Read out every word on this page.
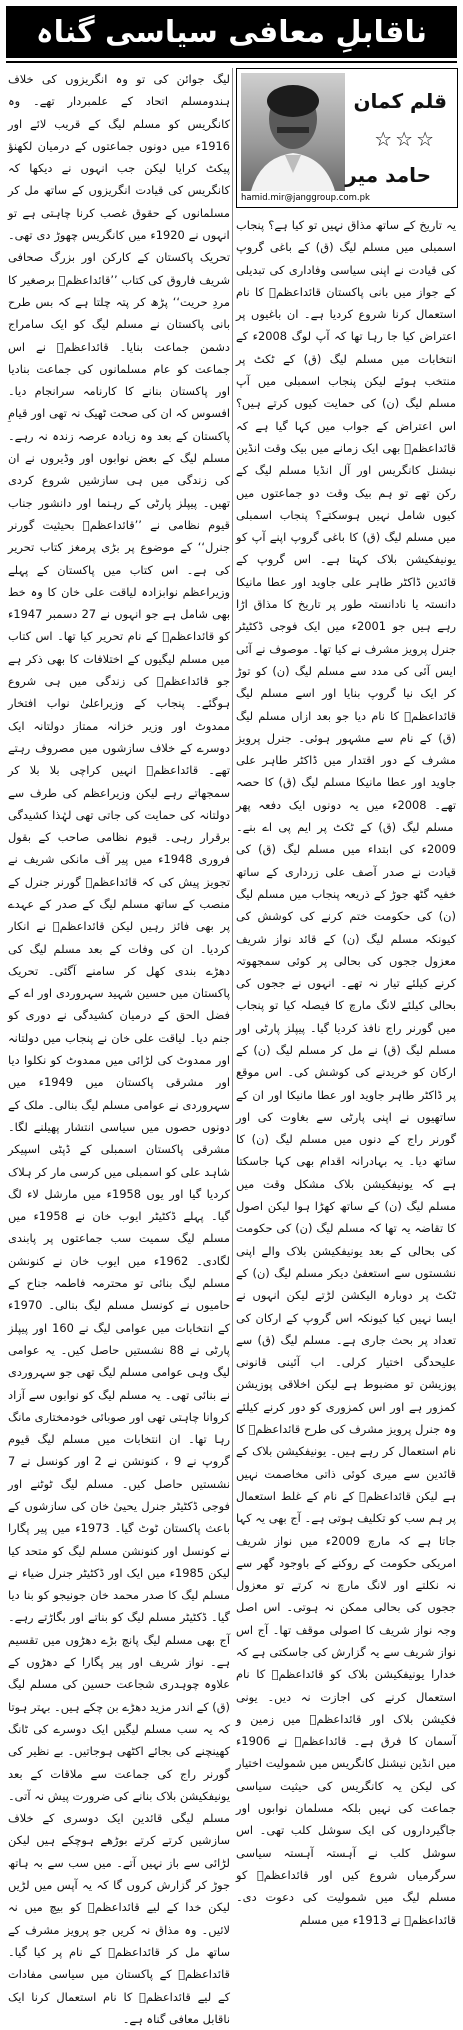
ناقابلِ معافی سیاسی گناہ
hamid.mir@janggroup.com.pk
قلم کمان
☆☆☆
حامد میر
لیگ جوائن کی تو وہ انگریزوں کی خلاف ہندومسلم اتحاد کے علمبردار تھے۔ وہ کانگریس کو مسلم لیگ کے قریب لائے اور 1916ء میں دونوں جماعتوں کے درمیان لکھنؤ پیکٹ کرایا لیکن جب انہوں نے دیکھا کہ کانگریس کی قیادت انگریزوں کے ساتھ مل کر مسلمانوں کے حقوق غصب کرنا چاہتی ہے تو انہوں نے 1920ء میں کانگریس چھوڑ دی تھی۔ تحریک پاکستان کے کارکن اور بزرگ صحافی شریف فاروق کی کتاب ’’قائداعظمؒ برصغیر کا مردِ حریت‘‘ پڑھ کر پتہ چلتا ہے کہ بس طرح بانی پاکستان نے مسلم لیگ کو ایک سامراج دشمن جماعت بنایا۔ قائداعظمؒ نے اس جماعت کو عام مسلمانوں کی جماعت بنادیا اور پاکستان بنانے کا کارنامہ سرانجام دیا۔ افسوس کہ ان کی صحت ٹھیک نہ تھی اور قیامِ پاکستان کے بعد وہ زیادہ عرصہ زندہ نہ رہے۔ مسلم لیگ کے بعض نوابوں اور وڈیروں نے ان کی زندگی میں ہی سازشیں شروع کردی تھیں۔ پیپلز پارٹی کے رہنما اور دانشور جناب قیوم نظامی نے ’’قائداعظمؒ بحیثیت گورنر جنرل‘‘ کے موضوع پر بڑی پرمغز کتاب تحریر کی ہے۔ اس کتاب میں پاکستان کے پہلے وزیراعظم نوابزادہ لیاقت علی خان کا وہ خط بھی شامل ہے جو انہوں نے 27 دسمبر 1947ء کو قائداعظمؒ کے نام تحریر کیا تھا۔ اس کتاب میں مسلم لیگیوں کے اختلافات کا بھی ذکر ہے جو قائداعظمؒ کی زندگی میں ہی شروع ہوگئے۔ پنجاب کے وزیراعلیٰ نواب افتخار ممدوٹ اور وزیر خزانہ ممتاز دولتانہ ایک دوسرے کے خلاف سازشوں میں مصروف رہتے تھے۔ قائداعظمؒ انہیں کراچی بلا بلا کر سمجھاتے رہے لیکن وزیراعظم کی طرف سے دولتانہ کی حمایت کی جاتی تھی لہٰذا کشیدگی برقرار رہی۔ قیوم نظامی صاحب کے بقول فروری 1948ء میں پیر آف مانکی شریف نے تجویز پیش کی کہ قائداعظمؒ گورنر جنرل کے منصب کے ساتھ مسلم لیگ کے صدر کے عہدے پر بھی فائز رہیں لیکن قائداعظمؒ نے انکار کردیا۔ ان کی وفات کے بعد مسلم لیگ کی دھڑے بندی کھل کر سامنے آگئی۔ تحریک پاکستان میں حسین شہید سہروردی اور اے کے فضل الحق کے درمیان کشیدگی نے دوری کو جنم دیا۔ لیاقت علی خان نے پنجاب میں دولتانہ اور ممدوٹ کی لڑائی میں ممدوٹ کو نکلوا دیا اور مشرقی پاکستان میں 1949ء میں سہروردی نے عوامی مسلم لیگ بنالی۔ ملک کے دونوں حصوں میں سیاسی انتشار پھیلنے لگا۔ مشرقی پاکستان اسمبلی کے ڈپٹی اسپیکر شاہد علی کو اسمبلی میں کرسی مار کر ہلاک کردیا گیا اور یوں 1958ء میں مارشل لاء لگ گیا۔ پہلے ڈکٹیٹر ایوب خان نے 1958ء میں مسلم لیگ سمیت سب جماعتوں پر پابندی لگادی۔ 1962ء میں ایوب خان نے کنونشن مسلم لیگ بنائی تو محترمہ فاطمہ جناح کے حامیوں نے کونسل مسلم لیگ بنالی۔ 1970ء کے انتخابات میں عوامی لیگ نے 160 اور پیپلز پارٹی نے 88 نشستیں حاصل کیں۔ یہ عوامی لیگ وہی عوامی مسلم لیگ تھی جو سہروردی نے بنائی تھی۔ یہ مسلم لیگ کو نوابوں سے آزاد کروانا چاہتی تھی اور صوبائی خودمختاری مانگ رہا تھا۔ ان انتخابات میں مسلم لیگ قیوم گروپ نے 9 ، کنونشن نے 2 اور کونسل نے 7 نشستیں حاصل کیں۔ مسلم لیگ ٹوٹنے اور فوجی ڈکٹیٹر جنرل یحییٰ خان کی سازشوں کے باعث پاکستان ٹوٹ گیا۔ 1973ء میں پیر پگارا نے کونسل اور کنونشن مسلم لیگ کو متحد کیا لیکن 1985ء میں ایک اور ڈکٹیٹر جنرل ضیاء نے مسلم لیگ کا صدر محمد خان جونیجو کو بنا دیا گیا۔ ڈکٹیٹر مسلم لیگ کو بناتے اور بگاڑتے رہے۔ آج بھی مسلم لیگ پانچ بڑے دھڑوں میں تقسیم ہے۔ نواز شریف اور پیر پگارا کے دھڑوں کے علاوہ چوہدری شجاعت حسین کی مسلم لیگ (ق) کے اندر مزید دھڑے بن چکے ہیں۔ بہتر ہوتا کہ یہ سب مسلم لیگیں ایک دوسرے کی ٹانگ کھینچنے کی بجائے اکٹھی ہوجاتیں۔ بے نظیر کی گورنر راج کی جماعت سے ملاقات کے بعد یونیفکیشن بلاک بنانے کی ضرورت پیش نہ آتی۔ مسلم لیگی قائدین ایک دوسری کے خلاف سازشیں کرتے کرتے بوڑھے ہوچکے ہیں لیکن لڑائی سے باز نہیں آتے۔ میں سب سے بہ ہاتھ جوڑ کر گزارش کروں گا کہ یہ آپس میں لڑیں لیکن خدا کے لیے قائداعظمؒ کو بیچ میں نہ لائیں۔ وہ مذاق نہ کریں جو پرویز مشرف کے ساتھ مل کر قائداعظمؒ کے نام پر کیا گیا۔ قائداعظمؒ کے پاکستان میں سیاسی مفادات کے لیے قائداعظمؒ کا نام استعمال کرنا ایک ناقابل معافی گناہ ہے۔
یہ تاریخ کے ساتھ مذاق نہیں تو کیا ہے؟ پنجاب اسمبلی میں مسلم لیگ (ق) کے باغی گروپ کی قیادت نے اپنی سیاسی وفاداری کی تبدیلی کے جواز میں بانی پاکستان قائداعظمؒ کا نام استعمال کرنا شروع کردیا ہے۔ ان باغیوں پر اعتراض کیا جا رہا تھا کہ آپ لوگ 2008ء کے انتخابات میں مسلم لیگ (ق) کے ٹکٹ پر منتخب ہوئے لیکن پنجاب اسمبلی میں آپ مسلم لیگ (ن) کی حمایت کیوں کرتے ہیں؟ اس اعتراض کے جواب میں کہا گیا ہے کہ قائداعظمؒ بھی ایک زمانے میں بیک وقت انڈین نیشنل کانگریس اور آل انڈیا مسلم لیگ کے رکن تھے تو ہم بیک وقت دو جماعتوں میں کیوں شامل نہیں ہوسکتے؟ پنجاب اسمبلی میں مسلم لیگ (ق) کا باغی گروپ اپنے آپ کو یونیفکیشن بلاک کہتا ہے۔ اس گروپ کے قائدین ڈاکٹر طاہر علی جاوید اور عطا مانیکا دانستہ یا نادانستہ طور پر تاریخ کا مذاق اڑا رہے ہیں جو 2001ء میں ایک فوجی ڈکٹیٹر جنرل پرویز مشرف نے کیا تھا۔ موصوف نے آئی ایس آئی کی مدد سے مسلم لیگ (ن) کو توڑ کر ایک نیا گروپ بنایا اور اسے مسلم لیگ قائداعظمؒ کا نام دیا جو بعد ازاں مسلم لیگ (ق) کے نام سے مشہور ہوئی۔ جنرل پرویز مشرف کے دور اقتدار میں ڈاکٹر طاہر علی جاوید اور عطا مانیکا مسلم لیگ (ق) کا حصہ تھے۔ 2008ء میں یہ دونوں ایک دفعہ پھر مسلم لیگ (ق) کے ٹکٹ پر ایم پی اے بنے۔ 2009ء کی ابتداء میں مسلم لیگ (ق) کی قیادت نے صدر آصف علی زرداری کے ساتھ خفیہ گٹھ جوڑ کے ذریعہ پنجاب میں مسلم لیگ (ن) کی حکومت ختم کرنے کی کوشش کی کیونکہ مسلم لیگ (ن) کے قائد نواز شریف معزول ججوں کی بحالی پر کوئی سمجھوتہ کرنے کیلئے تیار نہ تھے۔ انہوں نے ججوں کی بحالی کیلئے لانگ مارچ کا فیصلہ کیا تو پنجاب میں گورنر راج نافذ کردیا گیا۔ پیپلز پارٹی اور مسلم لیگ (ق) نے مل کر مسلم لیگ (ن) کے ارکان کو خریدنے کی کوشش کی۔ اس موقع پر ڈاکٹر طاہر جاوید اور عطا مانیکا اور ان کے ساتھیوں نے اپنی پارٹی سے بغاوت کی اور گورنر راج کے دنوں میں مسلم لیگ (ن) کا ساتھ دیا۔ یہ بہادرانہ اقدام بھی کہا جاسکتا ہے کہ یونیفکیشن بلاک مشکل وقت میں مسلم لیگ (ن) کے ساتھ کھڑا ہوا لیکن اصول کا تقاضہ یہ تھا کہ مسلم لیگ (ن) کی حکومت کی بحالی کے بعد یونیفکیشن بلاک والے اپنی نشستوں سے استعفیٰ دیکر مسلم لیگ (ن) کے ٹکٹ پر دوبارہ الیکشن لڑتے لیکن انہوں نے ایسا نہیں کیا کیونکہ اس گروپ کے ارکان کی تعداد پر بحث جاری ہے۔ مسلم لیگ (ق) سے علیحدگی اختیار کرلی۔ اب آئینی قانونی پوزیشن تو مضبوط ہے لیکن اخلاقی پوزیشن کمزور ہے اور اس کمزوری کو دور کرنے کیلئے وہ جنرل پرویز مشرف کی طرح قائداعظمؒ کا نام استعمال کر رہے ہیں۔ یونیفکیشن بلاک کے قائدین سے میری کوئی ذاتی مخاصمت نہیں ہے لیکن قائداعظمؒ کے نام کے غلط استعمال پر ہم سب کو تکلیف ہوتی ہے۔ آج بھی یہ کہا جاتا ہے کہ مارچ 2009ء میں نواز شریف امریکی حکومت کے روکنے کے باوجود گھر سے نہ نکلتے اور لانگ مارچ نہ کرتے تو معزول ججوں کی بحالی ممکن نہ ہوتی۔ اس اصل وجہ نواز شریف کا اصولی موقف تھا۔ آج اس نواز شریف سے یہ گزارش کی جاسکتی ہے کہ خدارا یونیفکیشن بلاک کو قائداعظمؒ کا نام استعمال کرنے کی اجازت نہ دیں۔ یونی فکیشن بلاک اور قائداعظمؒ میں زمین و آسمان کا فرق ہے۔ قائداعظمؒ نے 1906ء میں انڈین نیشنل کانگریس میں شمولیت اختیار کی لیکن یہ کانگریس کی حیثیت سیاسی جماعت کی نہیں بلکہ مسلمان نوابوں اور جاگیرداروں کی ایک سوشل کلب تھی۔ اس سوشل کلب نے آہستہ آہستہ سیاسی سرگرمیاں شروع کیں اور قائداعظمؒ کو مسلم لیگ میں شمولیت کی دعوت دی۔ قائداعظمؒ نے 1913ء میں مسلم
